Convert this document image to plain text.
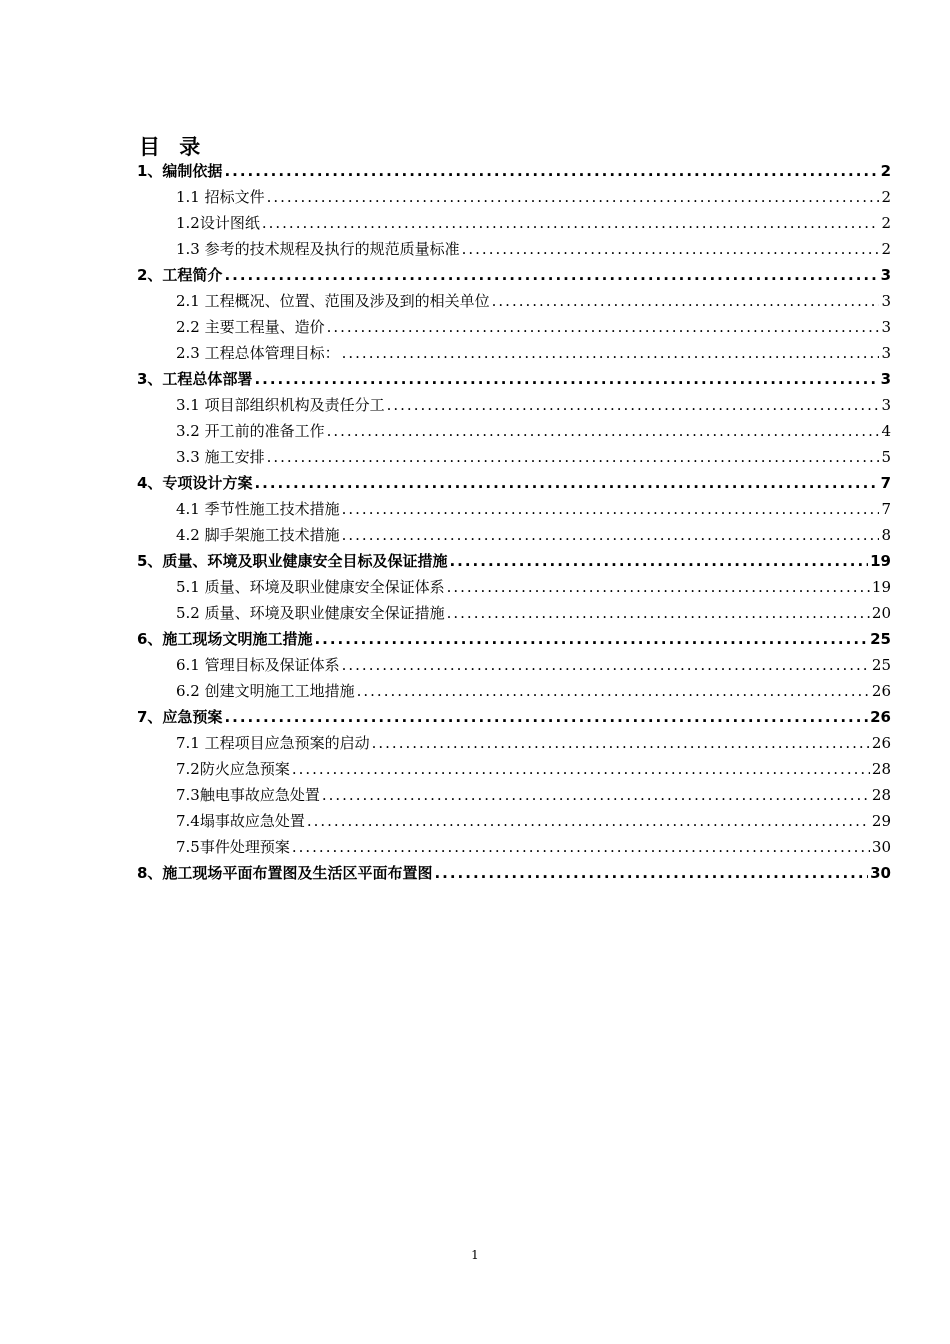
目 录
1、编制依据 .....	2
1.1 招标文件 .....	2
1.2设计图纸 .....	2
1.3 参考的技术规程及执行的规范质量标准 .....	2
2、工程简介 .....	3
2.1 工程概况、位置、范围及涉及到的相关单位 .....	3
2.2 主要工程量、造价 .....	3
2.3 工程总体管理目标： .....	3
3、工程总体部署 .....	3
3.1 项目部组织机构及责任分工 .....	3
3.2 开工前的准备工作 .....	4
3.3 施工安排 .....	5
4、专项设计方案 .....	7
4.1 季节性施工技术措施 .....	7
4.2 脚手架施工技术措施 .....	8
5、质量、环境及职业健康安全目标及保证措施 .....	19
5.1 质量、环境及职业健康安全保证体系 .....	19
5.2 质量、环境及职业健康安全保证措施 .....	20
6、施工现场文明施工措施 .....	25
6.1 管理目标及保证体系 .....	25
6.2 创建文明施工工地措施 .....	26
7、应急预案 .....	26
7.1 工程项目应急预案的启动 .....	26
7.2防火应急预案 .....	28
7.3触电事故应急处置 .....	28
7.4塌事故应急处置 .....	29
7.5事件处理预案 .....	30
8、施工现场平面布置图及生活区平面布置图 .....	30
1
